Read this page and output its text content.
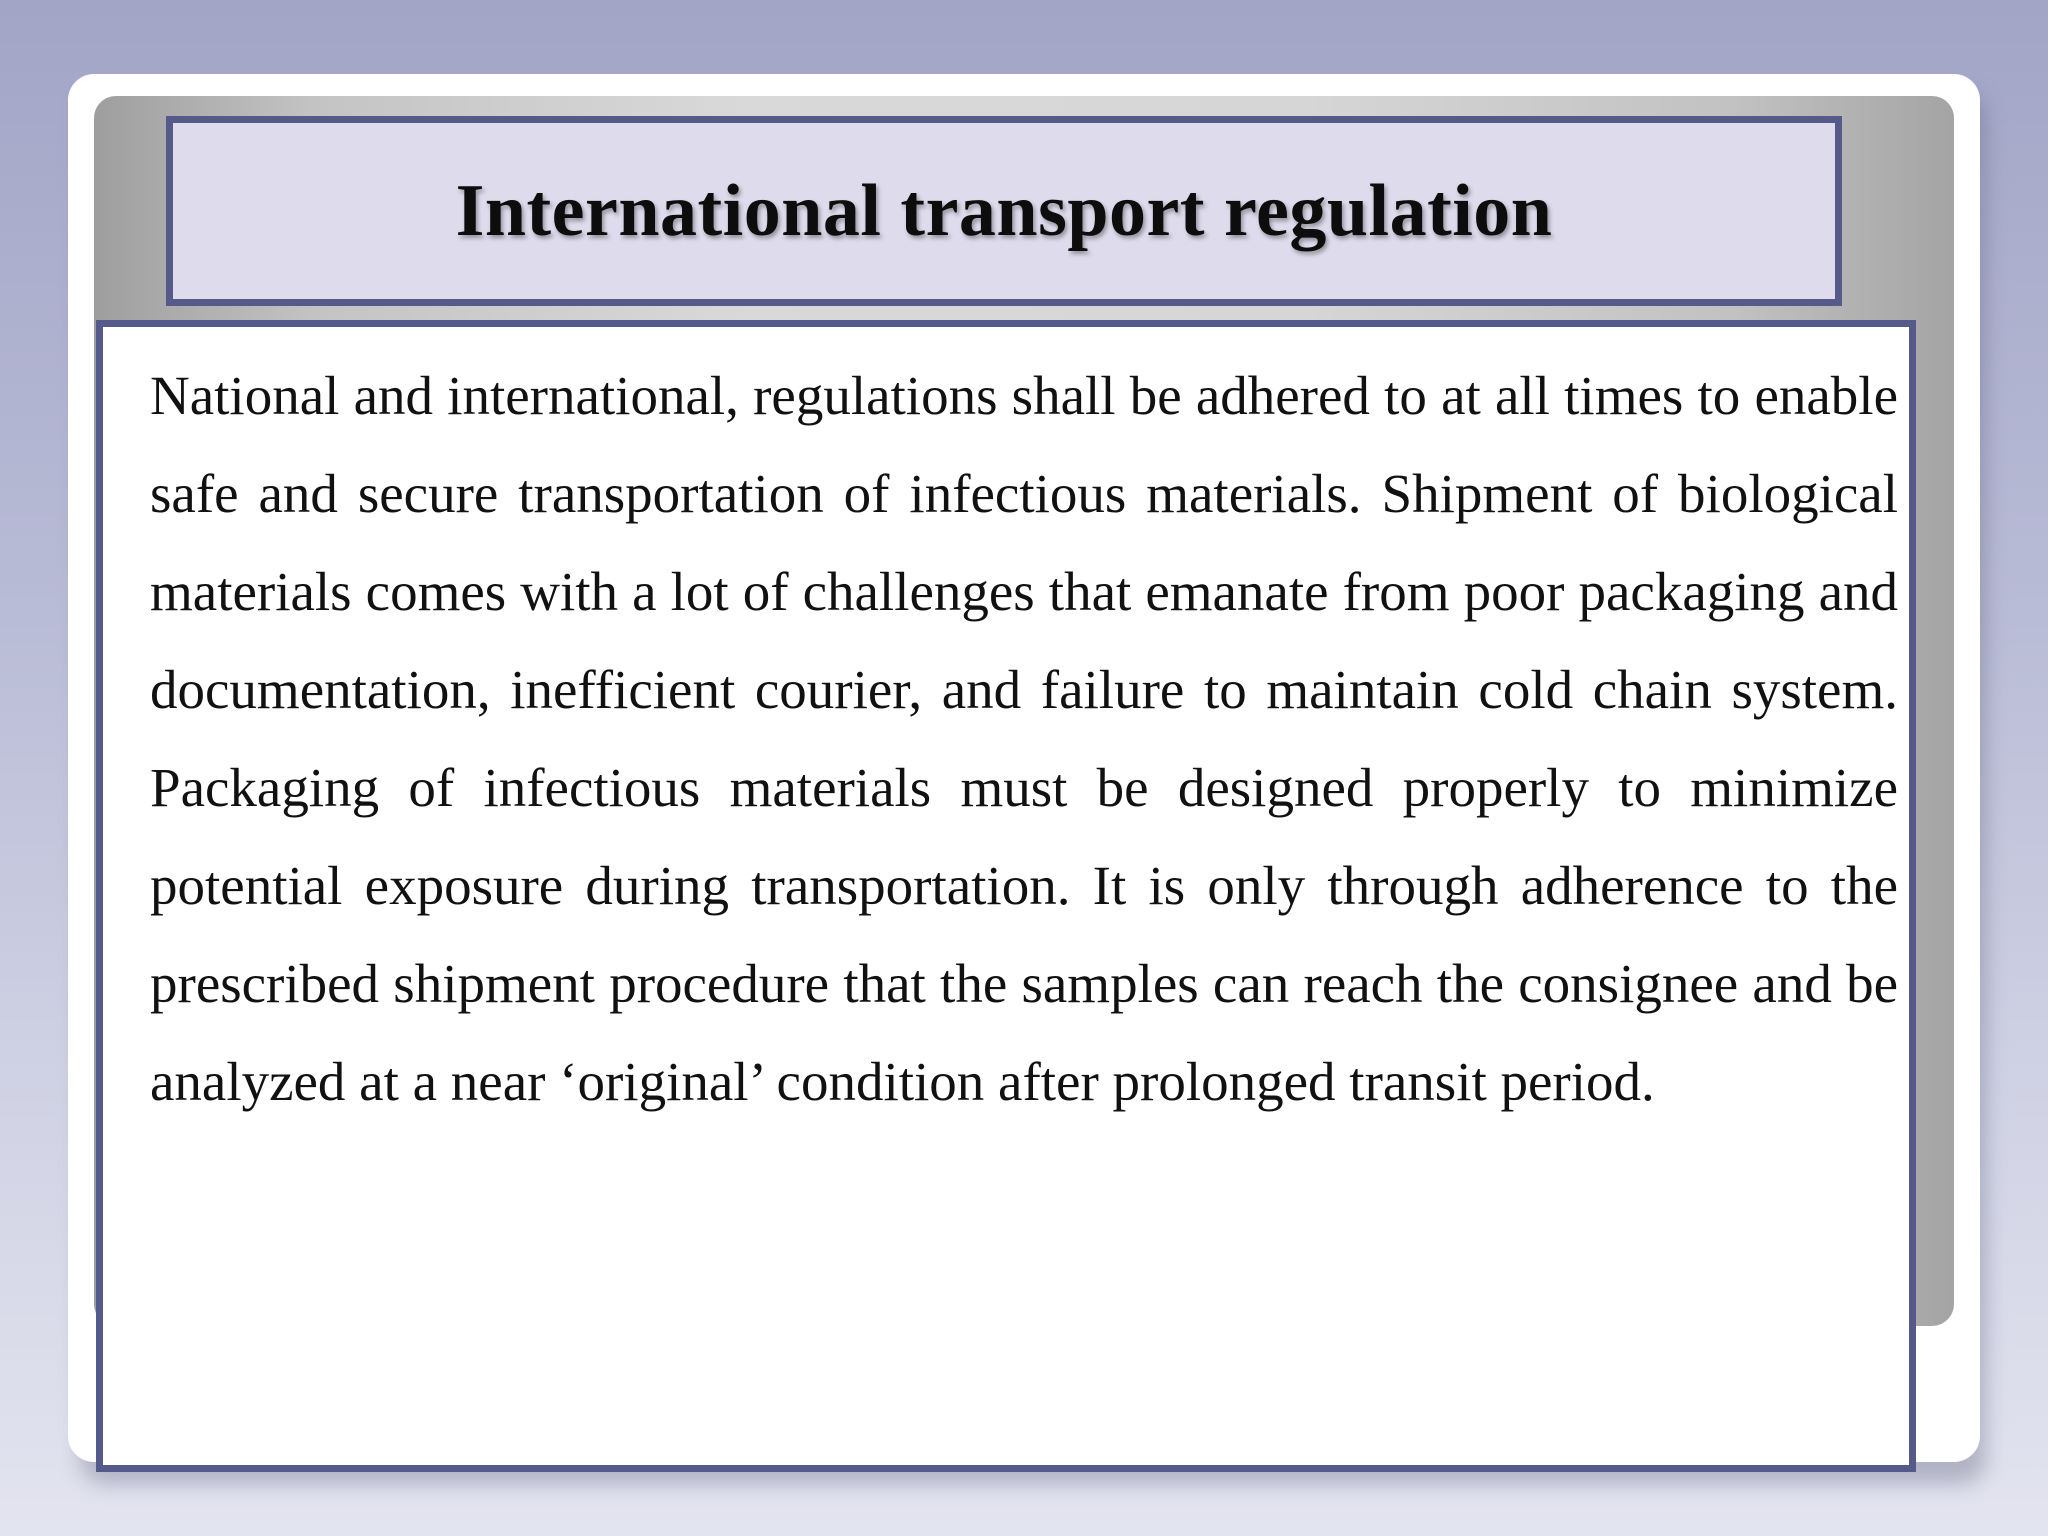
International transport regulation

National and international, regulations shall be adhered to at all times to enable safe and secure transportation of infectious materials. Shipment of biological materials comes with a lot of challenges that emanate from poor packaging and documentation, inefficient courier, and failure to maintain cold chain system. Packaging of infectious materials must be designed properly to minimize potential exposure during transportation. It is only through adherence to the prescribed shipment procedure that the samples can reach the consignee and be analyzed at a near ‘original’ condition after prolonged transit period.
